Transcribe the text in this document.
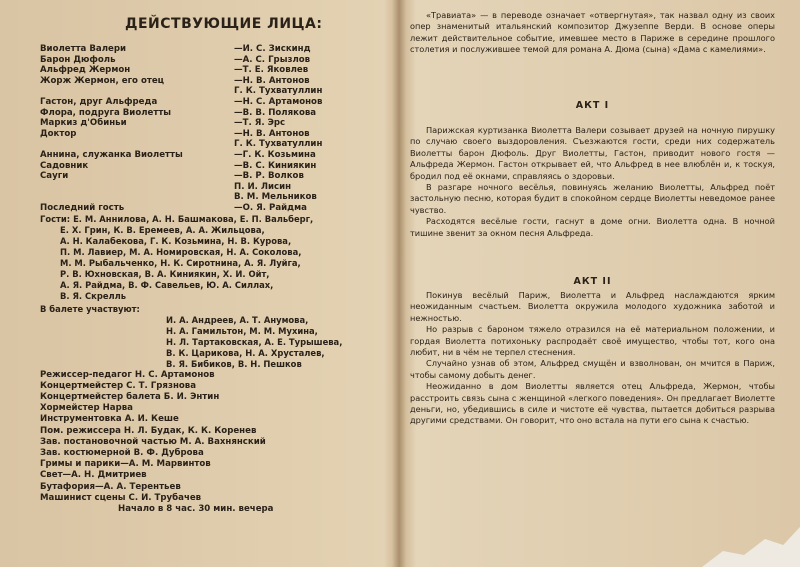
ДЕЙСТВУЮЩИЕ ЛИЦА:
Виолетта Валери	—И. С. Зискинд
Барон Дюфоль	—А. С. Грызлов
Альфред Жермон	—Т. Е. Яковлев
Жорж Жермон, его отец	—Н. В. Антонов
Г. К. Тухватуллин
Гастон, друг Альфреда	—Н. С. Артамонов
Флора, подруга Виолетты	—В. В. Полякова
Маркиз д'Обиньи	—Т. Я. Эрс
Доктор	—Н. В. Антонов
Г. К. Тухватуллин
Аннина, служанка Виолетты	—Г. К. Козьмина
Садовник	—В. С. Киниякин
Сауги	—В. Р. Волков
П. И. Лисин
В. М. Мельников
Последний гость	—О. Я. Райдма
Гости: Е. М. Аннилова, А. Н. Башмакова, Е. П. Вальберг,
Е. Х. Грин, К. В. Еремеев, А. А. Жильцова,
А. Н. Калабекова, Г. К. Козьмина, Н. В. Курова,
П. М. Лавиер, М. А. Номировская, Н. А. Соколова,
М. М. Рыбальченко, Н. К. Сиротнина, А. Я. Луйга,
Р. В. Юхновская, В. А. Киниякин, Х. И. Ойт,
А. Я. Райдма, В. Ф. Савельев, Ю. А. Силлах,
В. Я. Скрелль
В балете участвуют:
И. А. Андреев, А. Т. Анумова,
Н. А. Гамильтон, М. М. Мухина,
Н. Л. Тартаковская, А. Е. Турышева,
В. К. Царикова, Н. А. Хрусталев,
В. Я. Бибиков, В. Н. Пешков
Режиссер-педагог Н. С. Артамонов
Концертмейстер С. Т. Грязнова
Концертмейстер балета Б. И. Энтин
Хормейстер Нарва
Инструментовка А. И. Кеше
Пом. режиссера Н. Л. Будак, К. К. Коренев
Зав. постановочной частью М. А. Вахнянский
Зав. костюмерной В. Ф. Дуброва
Гримы и парики—А. М. Марвинтов
Свет—А. Н. Дмитриев
Бутафория—А. А. Терентьев
Машинист сцены С. И. Трубачев
Начало в 8 час. 30 мин. вечера

«Травиата» — в переводе означает «отвергнутая», так назвал одну из своих опер знаменитый итальянский композитор Джузеппе Верди. В основе оперы лежит действительное событие, имевшее место в Париже в середине прошлого столетия и послужившее темой для романа А. Дюма (сына) «Дама с камелиями».

АКТ I

Парижская куртизанка Виолетта Валери созывает друзей на ночную пирушку по случаю своего выздоровления. Съезжаются гости, среди них содержатель Виолетты барон Дюфоль. Друг Виолетты, Гастон, приводит нового гостя — Альфреда Жермон. Гастон открывает ей, что Альфред в нее влюблён и, к тоскуя, бродил под её окнами, справляясь о здоровьи.

В разгаре ночного весёлья, повинуясь желанию Виолетты, Альфред поёт застольную песню, которая будит в спокойном сердце Виолетты неведомое ранее чувство.

Расходятся весёлые гости, гаснут в доме огни. Виолетта одна. В ночной тишине звенит за окном песня Альфреда.

АКТ II

Покинув весёлый Париж, Виолетта и Альфред наслаждаются ярким неожиданным счастьем. Виолетта окружила молодого художника заботой и нежностью.

Но разрыв с бароном тяжело отразился на её материальном положении, и гордая Виолетта потихоньку распродаёт своё имущество, чтобы тот, кого она любит, ни в чём не терпел стеснения.

Случайно узнав об этом, Альфред смущён и взволнован, он мчится в Париж, чтобы самому добыть денег.

Неожиданно в дом Виолетты является отец Альфреда, Жермон, чтобы расстроить связь сына с женщиной «легкого поведения». Он предлагает Виолетте деньги, но, убедившись в силе и чистоте её чувства, пытается добиться разрыва другими средствами. Он говорит, что оно встала на пути его сына к счастью.
